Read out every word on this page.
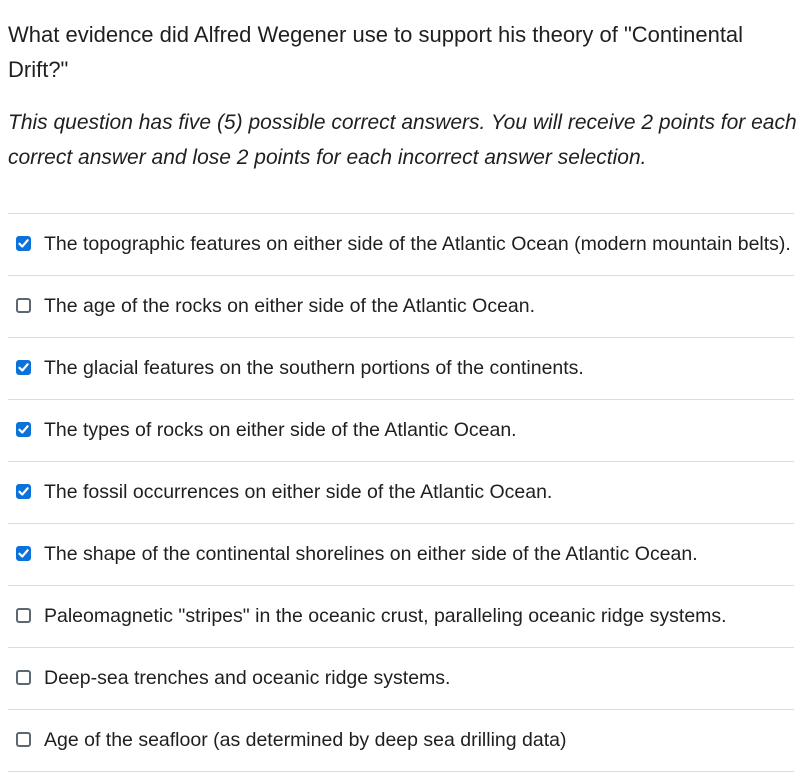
What evidence did Alfred Wegener use to support his theory of "Continental Drift?"

This question has five (5) possible correct answers. You will receive 2 points for each correct answer and lose 2 points for each incorrect answer selection.

The topographic features on either side of the Atlantic Ocean (modern mountain belts).
The age of the rocks on either side of the Atlantic Ocean.
The glacial features on the southern portions of the continents.
The types of rocks on either side of the Atlantic Ocean.
The fossil occurrences on either side of the Atlantic Ocean.
The shape of the continental shorelines on either side of the Atlantic Ocean.
Paleomagnetic "stripes" in the oceanic crust, paralleling oceanic ridge systems.
Deep-sea trenches and oceanic ridge systems.
Age of the seafloor (as determined by deep sea drilling data)
